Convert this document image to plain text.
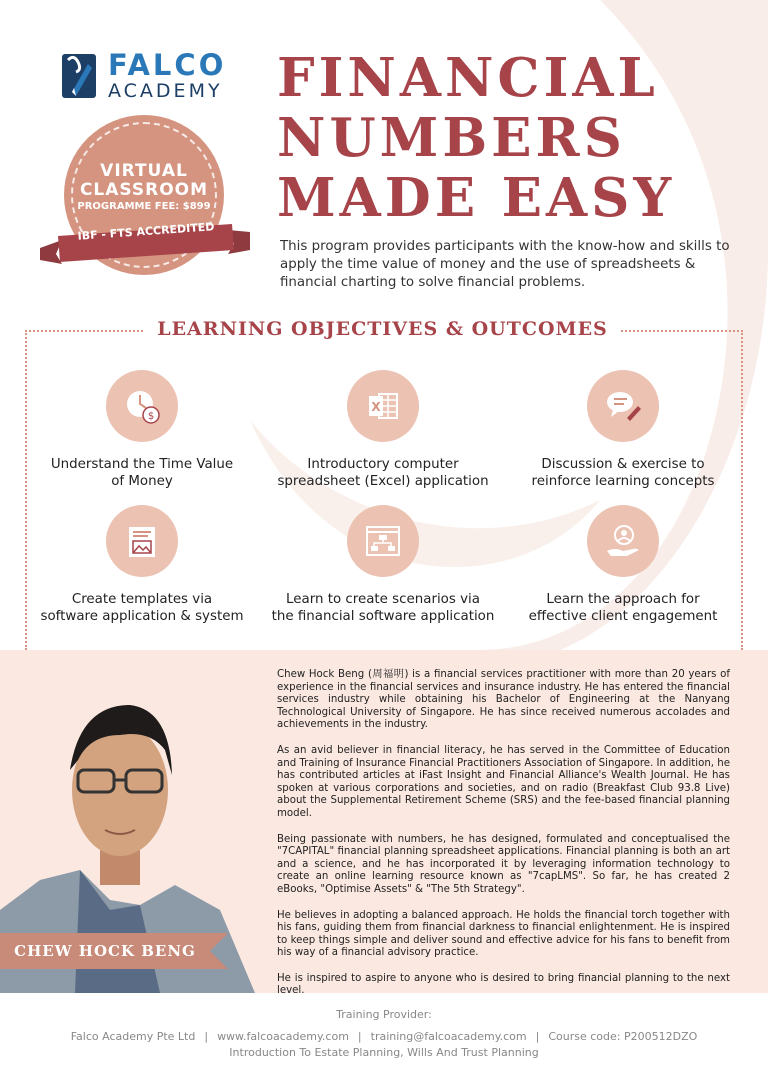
FALCO
ACADEMY
VIRTUAL
CLASSROOM
PROGRAMME FEE: $899
IBF - FTS ACCREDITED
FINANCIAL
NUMBERS
MADE EASY

This program provides participants with the know-how and skills to apply the time value of money and the use of spreadsheets & financial charting to solve financial problems.

LEARNING OBJECTIVES & OUTCOMES
$
Understand the Time Value
of Money
X
Introductory computer
spreadsheet (Excel) application
Discussion & exercise to
reinforce learning concepts
Create templates via
software application & system
Learn to create scenarios via
the financial software application
Learn the approach for
effective client engagement
CHEW HOCK BENG

Chew Hock Beng (周福明) is a financial services practitioner with more than 20 years of experience in the financial services and insurance industry. He has entered the financial services industry while obtaining his Bachelor of Engineering at the Nanyang Technological University of Singapore. He has since received numerous accolades and achievements in the industry.

As an avid believer in financial literacy, he has served in the Committee of Education and Training of Insurance Financial Practitioners Association of Singapore. In addition, he has contributed articles at iFast Insight and Financial Alliance's Wealth Journal. He has spoken at various corporations and societies, and on radio (Breakfast Club 93.8 Live) about the Supplemental Retirement Scheme (SRS) and the fee-based financial planning model.

Being passionate with numbers, he has designed, formulated and conceptualised the "7CAPITAL" financial planning spreadsheet applications. Financial planning is both an art and a science, and he has incorporated it by leveraging information technology to create an online learning resource known as "7capLMS". So far, he has created 2 eBooks, "Optimise Assets" & "The 5th Strategy".

He believes in adopting a balanced approach. He holds the financial torch together with his fans, guiding them from financial darkness to financial enlightenment. He is inspired to keep things simple and deliver sound and effective advice for his fans to benefit from his way of a financial advisory practice.

He is inspired to aspire to anyone who is desired to bring financial planning to the next level.

Training Provider:
Falco Academy Pte Ltd | www.falcoacademy.com | training@falcoacademy.com | Course code: P200512DZO
Introduction To Estate Planning, Wills And Trust Planning
